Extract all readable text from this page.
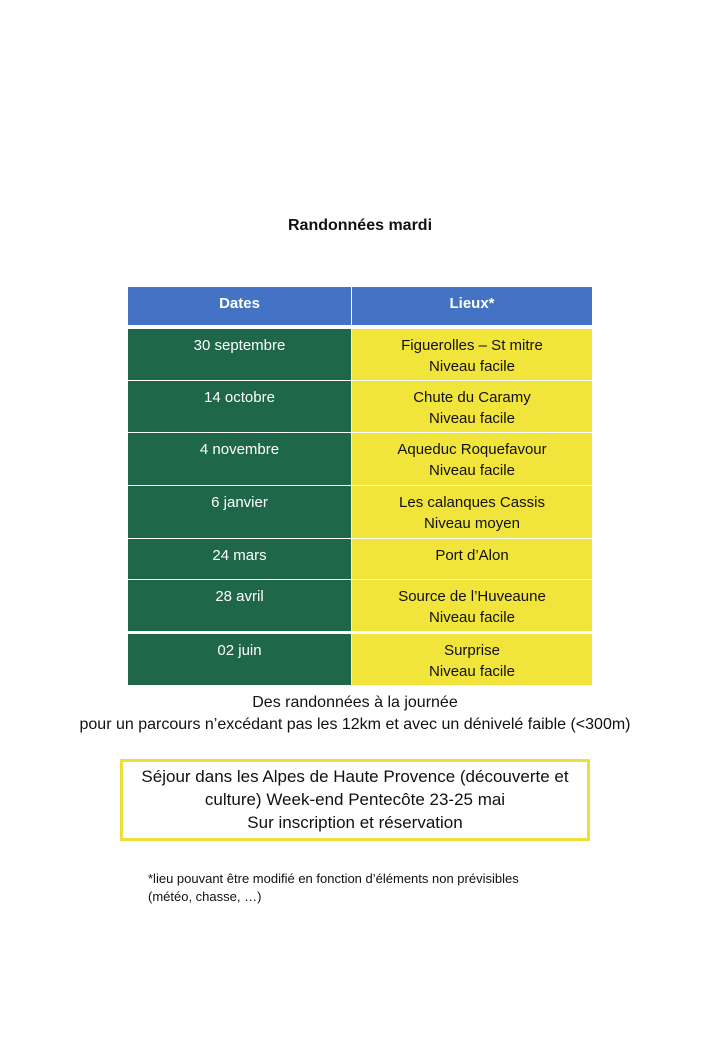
Randonnées mardi
Dates	Lieux*
30 septembre	Figuerolles – St mitre
Niveau facile
14 octobre	Chute du Caramy
Niveau facile
4 novembre	Aqueduc Roquefavour
Niveau facile
6 janvier	Les calanques Cassis
Niveau moyen
24 mars	Port d’Alon
28 avril	Source de l’Huveaune
Niveau facile
02 juin	Surprise
Niveau facile
Des randonnées à la journée
pour un parcours n’excédant pas les 12km et avec un dénivelé faible (<300m)
Séjour dans les Alpes de Haute Provence (découverte et
culture) Week-end Pentecôte 23-25 mai
Sur inscription et réservation
*lieu pouvant être modifié en fonction d’éléments non prévisibles
(météo, chasse, …)
